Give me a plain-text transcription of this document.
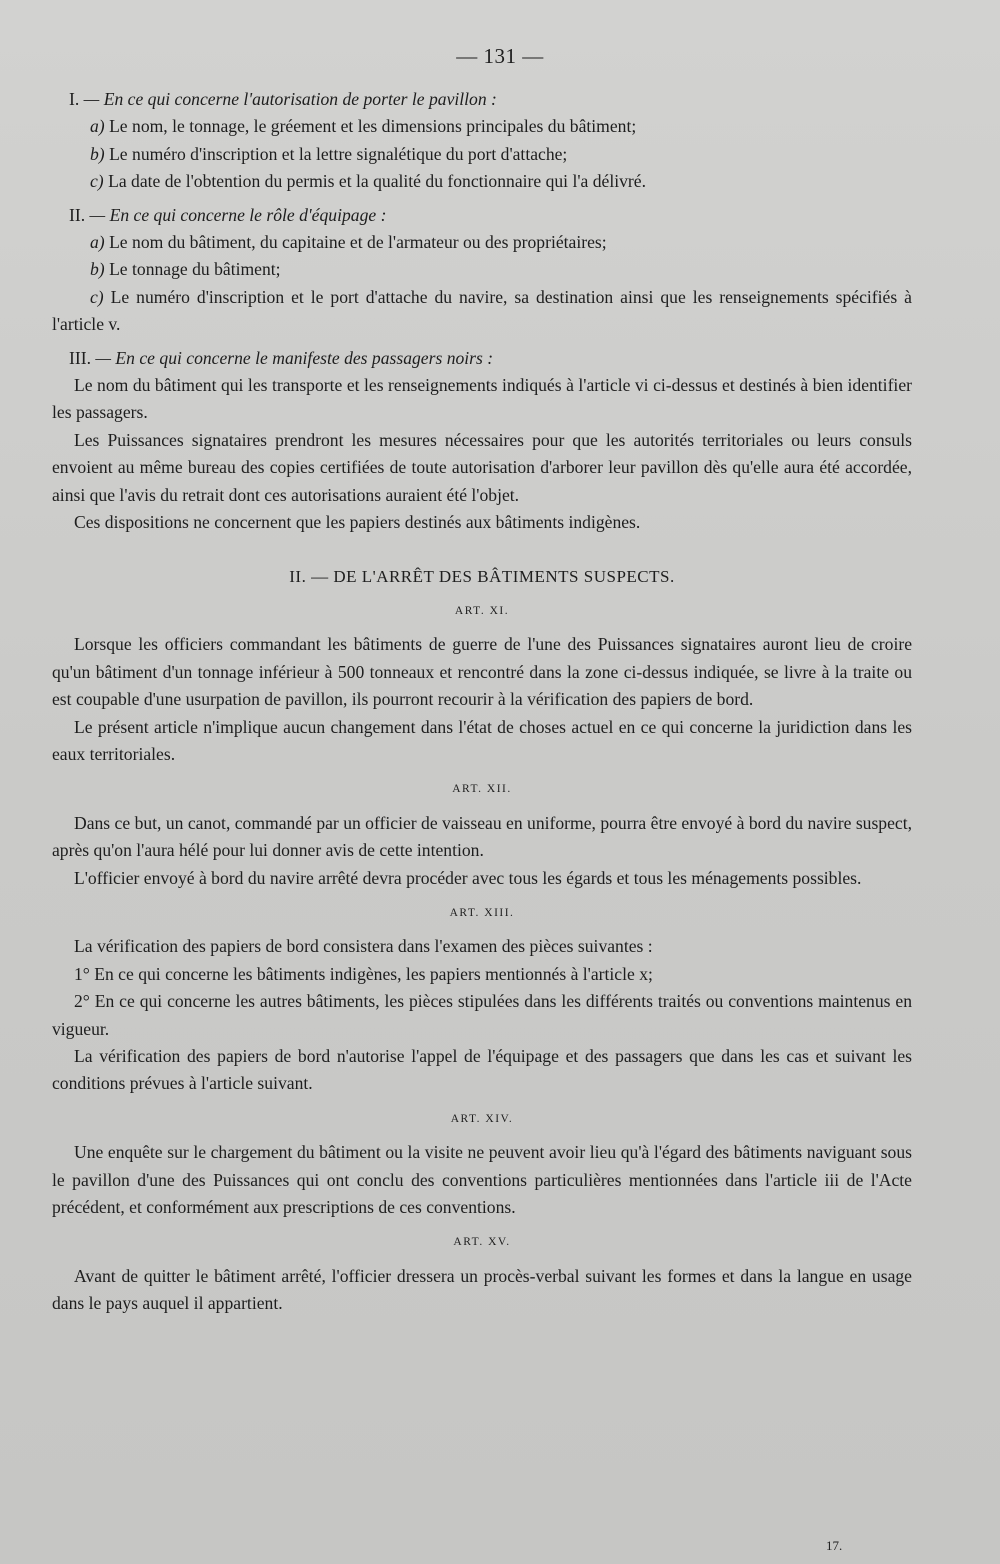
— 131 —

I. — En ce qui concerne l'autorisation de porter le pavillon :

a) Le nom, le tonnage, le gréement et les dimensions principales du bâtiment;

b) Le numéro d'inscription et la lettre signalétique du port d'attache;

c) La date de l'obtention du permis et la qualité du fonctionnaire qui l'a délivré.

II. — En ce qui concerne le rôle d'équipage :

a) Le nom du bâtiment, du capitaine et de l'armateur ou des propriétaires;

b) Le tonnage du bâtiment;

c) Le numéro d'inscription et le port d'attache du navire, sa destination ainsi que les renseignements spécifiés à l'article v.

III. — En ce qui concerne le manifeste des passagers noirs :

Le nom du bâtiment qui les transporte et les renseignements indiqués à l'article vi ci-dessus et destinés à bien identifier les passagers.

Les Puissances signataires prendront les mesures nécessaires pour que les autorités territoriales ou leurs consuls envoient au même bureau des copies certifiées de toute autorisation d'arborer leur pavillon dès qu'elle aura été accordée, ainsi que l'avis du retrait dont ces autorisations auraient été l'objet.

Ces dispositions ne concernent que les papiers destinés aux bâtiments indigènes.

II. — DE L'ARRÊT DES BÂTIMENTS SUSPECTS.

ART. XI.

Lorsque les officiers commandant les bâtiments de guerre de l'une des Puissances signataires auront lieu de croire qu'un bâtiment d'un tonnage inférieur à 500 tonneaux et rencontré dans la zone ci-dessus indiquée, se livre à la traite ou est coupable d'une usurpation de pavillon, ils pourront recourir à la vérification des papiers de bord.

Le présent article n'implique aucun changement dans l'état de choses actuel en ce qui concerne la juridiction dans les eaux territoriales.

ART. XII.

Dans ce but, un canot, commandé par un officier de vaisseau en uniforme, pourra être envoyé à bord du navire suspect, après qu'on l'aura hélé pour lui donner avis de cette intention.

L'officier envoyé à bord du navire arrêté devra procéder avec tous les égards et tous les ménagements possibles.

ART. XIII.

La vérification des papiers de bord consistera dans l'examen des pièces suivantes :

1° En ce qui concerne les bâtiments indigènes, les papiers mentionnés à l'article x;

2° En ce qui concerne les autres bâtiments, les pièces stipulées dans les différents traités ou conventions maintenus en vigueur.

La vérification des papiers de bord n'autorise l'appel de l'équipage et des passagers que dans les cas et suivant les conditions prévues à l'article suivant.

ART. XIV.

Une enquête sur le chargement du bâtiment ou la visite ne peuvent avoir lieu qu'à l'égard des bâtiments naviguant sous le pavillon d'une des Puissances qui ont conclu des conventions particulières mentionnées dans l'article iii de l'Acte précédent, et conformément aux prescriptions de ces conventions.

ART. XV.

Avant de quitter le bâtiment arrêté, l'officier dressera un procès-verbal suivant les formes et dans la langue en usage dans le pays auquel il appartient.

17.
